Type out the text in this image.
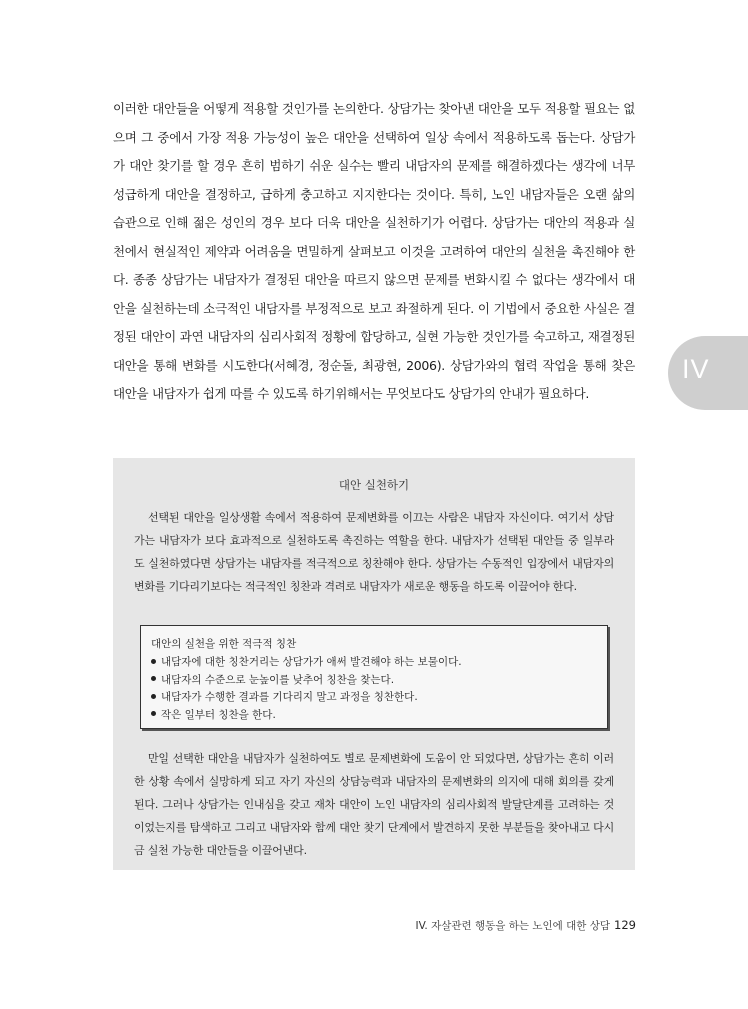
이러한 대안들을 어떻게 적용할 것인가를 논의한다. 상담가는 찾아낸 대안을 모두 적용할 필요는 없으며 그 중에서 가장 적용 가능성이 높은 대안을 선택하여 일상 속에서 적용하도록 돕는다. 상담가가 대안 찾기를 할 경우 흔히 범하기 쉬운 실수는 빨리 내담자의 문제를 해결하겠다는 생각에 너무 성급하게 대안을 결정하고, 급하게 충고하고 지지한다는 것이다. 특히, 노인 내담자들은 오랜 삶의 습관으로 인해 젊은 성인의 경우 보다 더욱 대안을 실천하기가 어렵다. 상담가는 대안의 적용과 실천에서 현실적인 제약과 어려움을 면밀하게 살펴보고 이것을 고려하여 대안의 실천을 촉진해야 한다. 종종 상담가는 내담자가 결정된 대안을 따르지 않으면 문제를 변화시킬 수 없다는 생각에서 대안을 실천하는데 소극적인 내담자를 부정적으로 보고 좌절하게 된다. 이 기법에서 중요한 사실은 결정된 대안이 과연 내담자의 심리사회적 정황에 합당하고, 실현 가능한 것인가를 숙고하고, 재결정된 대안을 통해 변화를 시도한다(서혜경, 정순돌, 최광현, 2006). 상담가와의 협력 작업을 통해 찾은 대안을 내담자가 쉽게 따를 수 있도록 하기위해서는 무엇보다도 상담가의 안내가 필요하다.

IV

대안 실천하기

선택된 대안을 일상생활 속에서 적용하여 문제변화를 이끄는 사람은 내담자 자신이다. 여기서 상담가는 내담자가 보다 효과적으로 실천하도록 촉진하는 역할을 한다. 내담자가 선택된 대안들 중 일부라도 실천하였다면 상담가는 내담자를 적극적으로 칭찬해야 한다. 상담가는 수동적인 입장에서 내담자의 변화를 기다리기보다는 적극적인 칭찬과 격려로 내담자가 새로운 행동을 하도록 이끌어야 한다.

대안의 실천을 위한 적극적 칭찬

내담자에 대한 칭찬거리는 상담가가 애써 발견해야 하는 보물이다.
내담자의 수준으로 눈높이를 낮추어 칭찬을 찾는다.
내담자가 수행한 결과를 기다리지 말고 과정을 칭찬한다.
작은 일부터 칭찬을 한다.

만일 선택한 대안을 내담자가 실천하여도 별로 문제변화에 도움이 안 되었다면, 상담가는 흔히 이러한 상황 속에서 실망하게 되고 자기 자신의 상담능력과 내담자의 문제변화의 의지에 대해 회의를 갖게 된다. 그러나 상담가는 인내심을 갖고 재차 대안이 노인 내담자의 심리사회적 발달단계를 고려하는 것이었는지를 탐색하고 그리고 내담자와 함께 대안 찾기 단계에서 발견하지 못한 부분들을 찾아내고 다시금 실천 가능한 대안들을 이끌어낸다.

IV. 자살관련 행동을 하는 노인에 대한 상담 129
